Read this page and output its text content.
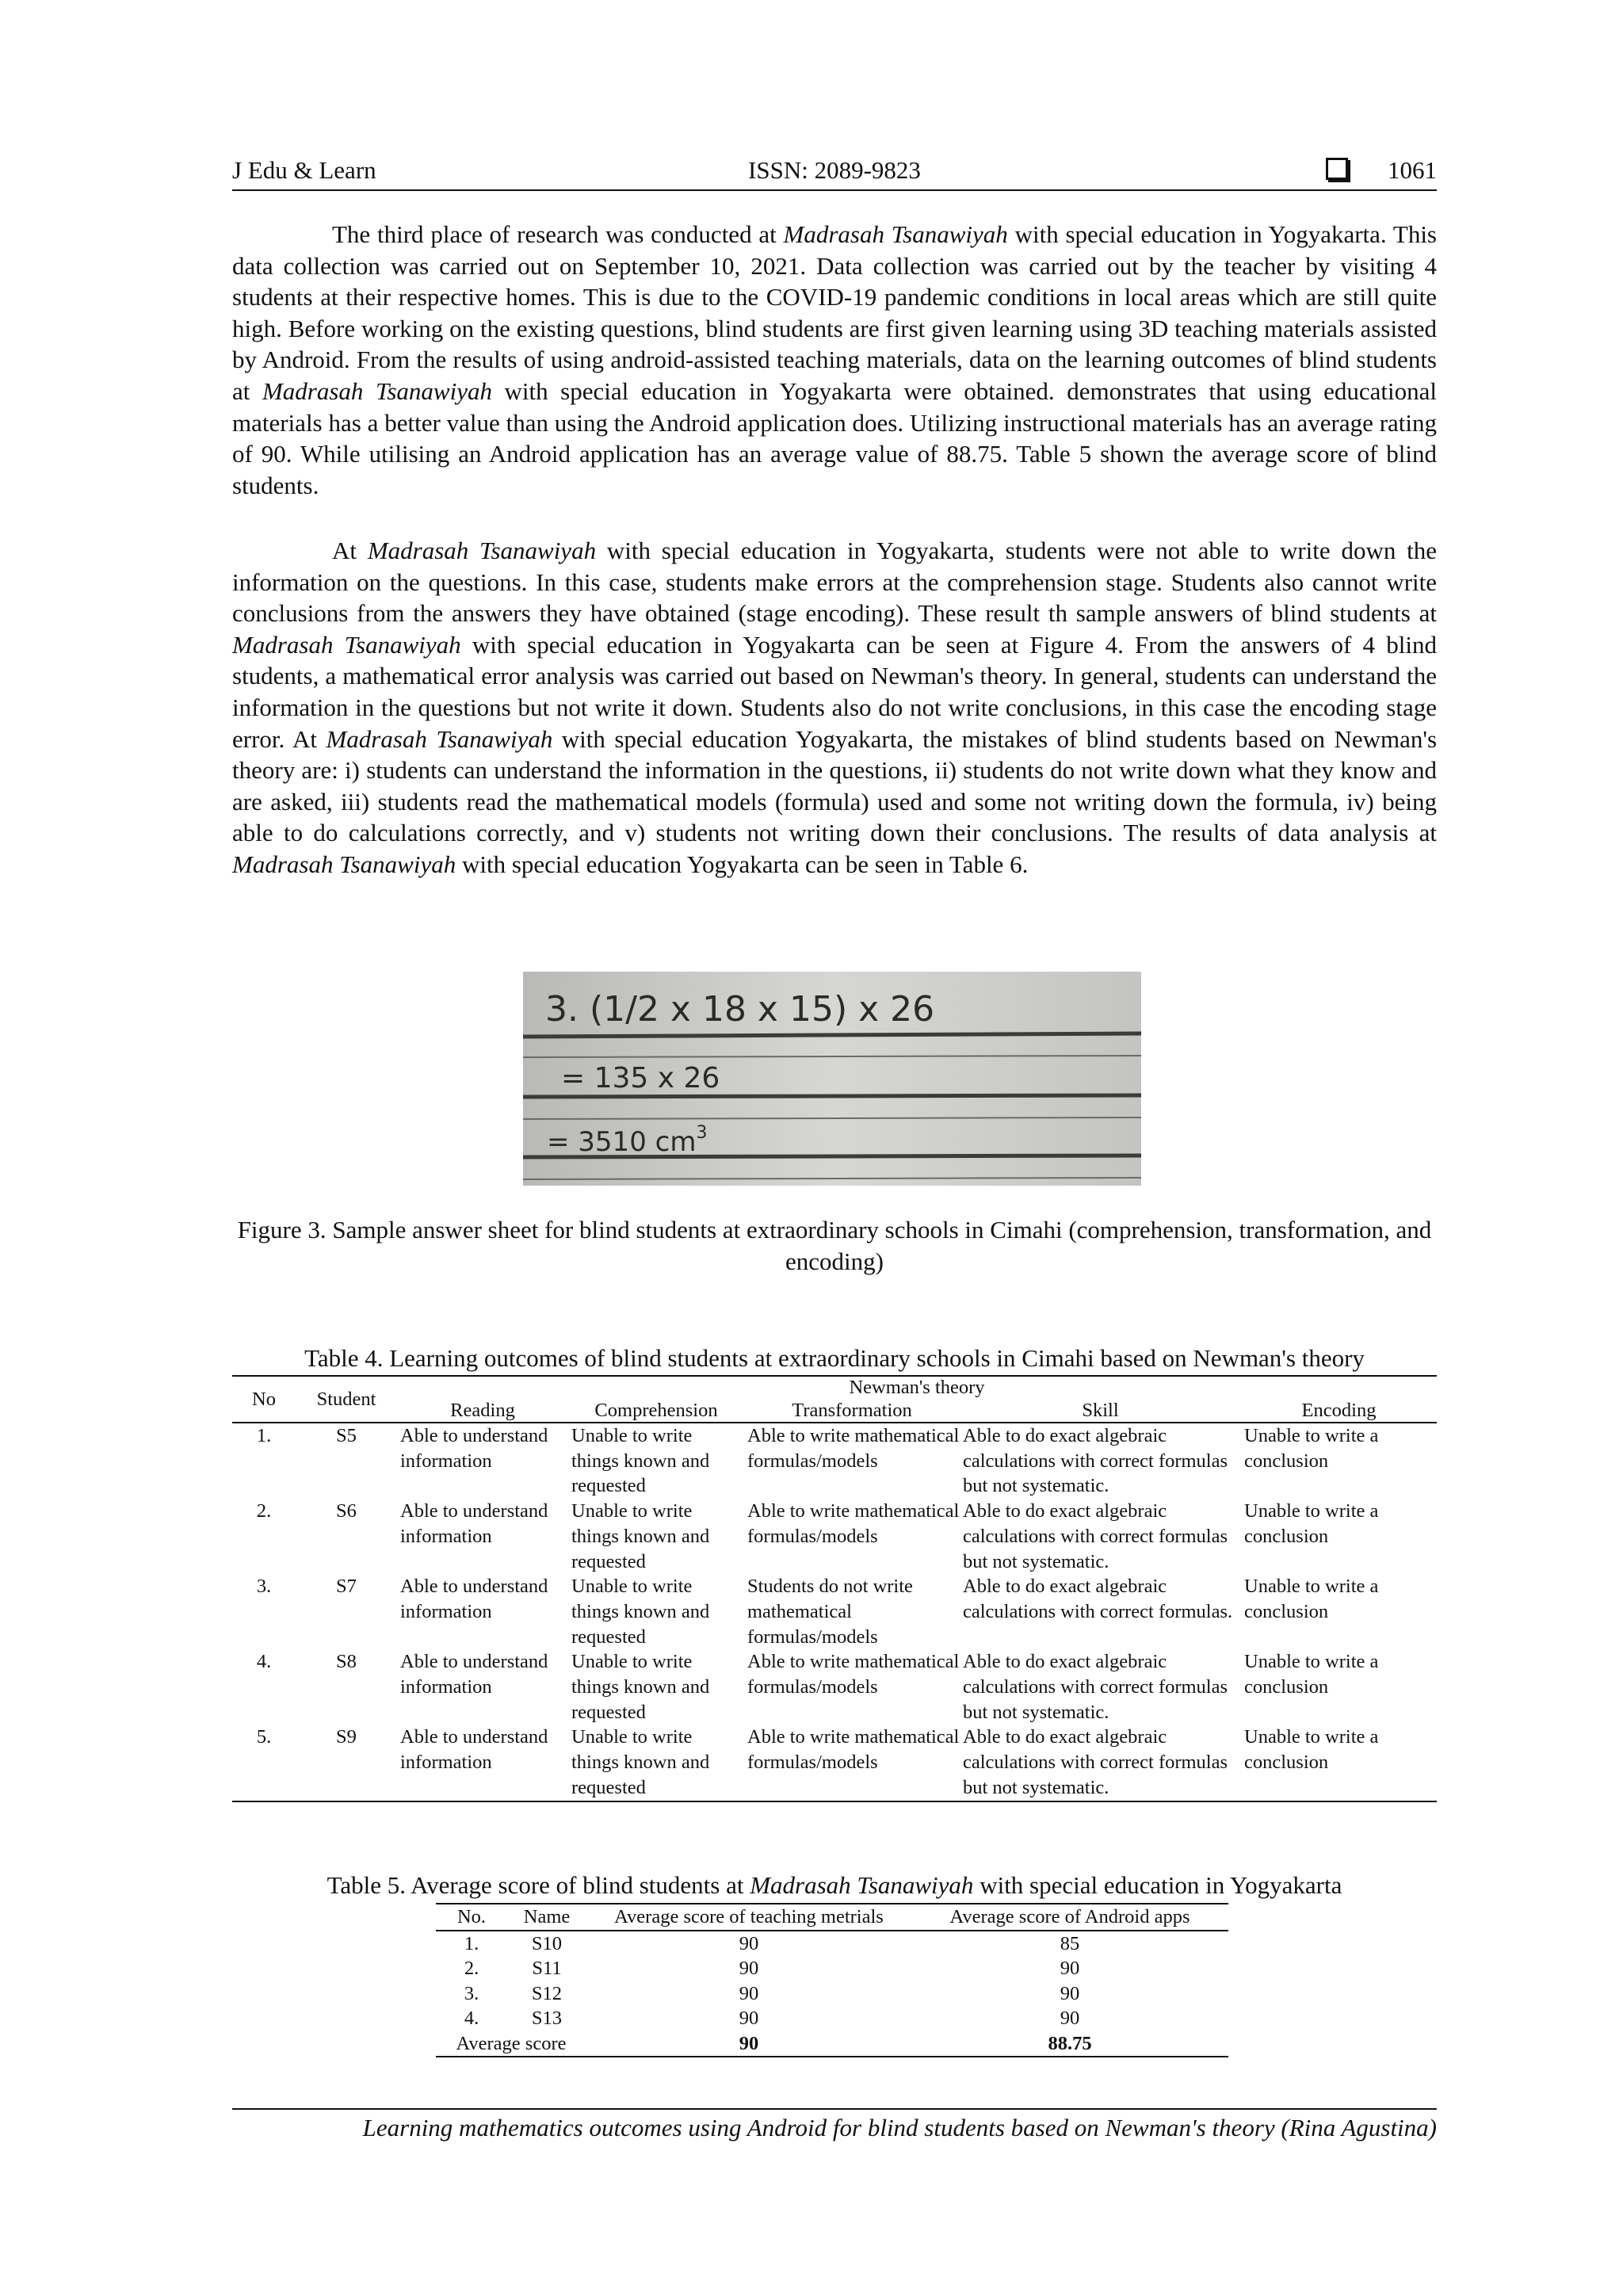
J Edu & Learn	ISSN: 2089-9823	1061

The third place of research was conducted at Madrasah Tsanawiyah with special education in Yogyakarta. This data collection was carried out on September 10, 2021. Data collection was carried out by the teacher by visiting 4 students at their respective homes. This is due to the COVID-19 pandemic conditions in local areas which are still quite high. Before working on the existing questions, blind students are first given learning using 3D teaching materials assisted by Android. From the results of using android-assisted teaching materials, data on the learning outcomes of blind students at Madrasah Tsanawiyah with special education in Yogyakarta were obtained. demonstrates that using educational materials has a better value than using the Android application does. Utilizing instructional materials has an average rating of 90. While utilising an Android application has an average value of 88.75. Table 5 shown the average score of blind students.

At Madrasah Tsanawiyah with special education in Yogyakarta, students were not able to write down the information on the questions. In this case, students make errors at the comprehension stage. Students also cannot write conclusions from the answers they have obtained (stage encoding). These result th sample answers of blind students at Madrasah Tsanawiyah with special education in Yogyakarta can be seen at Figure 4. From the answers of 4 blind students, a mathematical error analysis was carried out based on Newman's theory. In general, students can understand the information in the questions but not write it down. Students also do not write conclusions, in this case the encoding stage error. At Madrasah Tsanawiyah with special education Yogyakarta, the mistakes of blind students based on Newman's theory are: i) students can understand the information in the questions, ii) students do not write down what they know and are asked, iii) students read the mathematical models (formula) used and some not writing down the formula, iv) being able to do calculations correctly, and v) students not writing down their conclusions. The results of data analysis at Madrasah Tsanawiyah with special education Yogyakarta can be seen in Table 6.

3. (1/2 x 18 x 15) x 26
= 135 x 26
= 3510 $cm^3$
Figure 3. Sample answer sheet for blind students at extraordinary schools in Cimahi (comprehension, transformation, and encoding)
Table 4. Learning outcomes of blind students at extraordinary schools in Cimahi based on Newman's theory
No	Student	Newman's theory				
		Reading	Comprehension	Transformation	Skill	Encoding
1.	S5	Able to understand information	Unable to write things known and requested	Able to write mathematical formulas/models	Able to do exact algebraic calculations with correct formulas but not systematic.	Unable to write a conclusion
2.	S6	Able to understand information	Unable to write things known and requested	Able to write mathematical formulas/models	Able to do exact algebraic calculations with correct formulas but not systematic.	Unable to write a conclusion
3.	S7	Able to understand information	Unable to write things known and requested	Students do not write mathematical formulas/models	Able to do exact algebraic calculations with correct formulas.	Unable to write a conclusion
4.	S8	Able to understand information	Unable to write things known and requested	Able to write mathematical formulas/models	Able to do exact algebraic calculations with correct formulas but not systematic.	Unable to write a conclusion
5.	S9	Able to understand information	Unable to write things known and requested	Able to write mathematical formulas/models	Able to do exact algebraic calculations with correct formulas but not systematic.	Unable to write a conclusion
Table 5. Average score of blind students at Madrasah Tsanawiyah with special education in Yogyakarta
No.	Name	Average score of teaching metrials	Average score of Android apps
1.	S10	90	85
2.	S11	90	90
3.	S12	90	90
4.	S13	90	90
Average score		90	88.75
Learning mathematics outcomes using Android for blind students based on Newman's theory (Rina Agustina)
